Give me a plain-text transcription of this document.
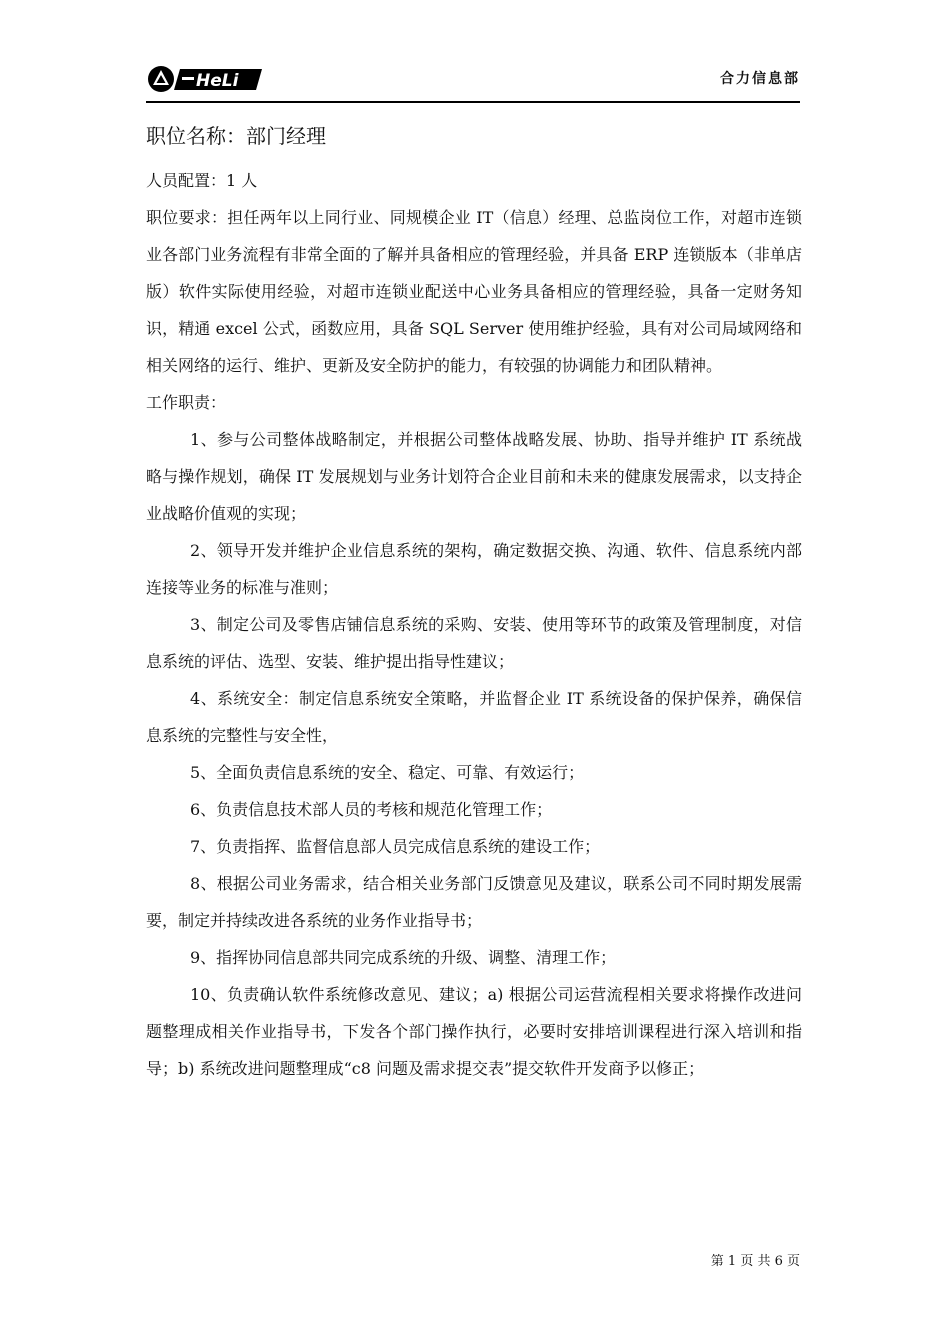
HeLi	合力信息部
职位名称：部门经理

人员配置：1 人

职位要求：担任两年以上同行业、同规模企业 IT（信息）经理、总监岗位工作，对超市连锁业各部门业务流程有非常全面的了解并具备相应的管理经验，并具备 ERP 连锁版本（非单店版）软件实际使用经验，对超市连锁业配送中心业务具备相应的管理经验，具备一定财务知识，精通 excel 公式，函数应用，具备 SQL Server 使用维护经验，具有对公司局域网络和相关网络的运行、维护、更新及安全防护的能力，有较强的协调能力和团队精神。

工作职责：

1、参与公司整体战略制定，并根据公司整体战略发展、协助、指导并维护 IT 系统战略与操作规划，确保 IT 发展规划与业务计划符合企业目前和未来的健康发展需求，以支持企业战略价值观的实现；

2、领导开发并维护企业信息系统的架构，确定数据交换、沟通、软件、信息系统内部连接等业务的标准与准则；

3、制定公司及零售店铺信息系统的采购、安装、使用等环节的政策及管理制度，对信息系统的评估、选型、安装、维护提出指导性建议；

4、系统安全：制定信息系统安全策略，并监督企业 IT 系统设备的保护保养，确保信息系统的完整性与安全性，

5、全面负责信息系统的安全、稳定、可靠、有效运行；

6、负责信息技术部人员的考核和规范化管理工作；

7、负责指挥、监督信息部人员完成信息系统的建设工作；

8、根据公司业务需求，结合相关业务部门反馈意见及建议，联系公司不同时期发展需要，制定并持续改进各系统的业务作业指导书；

9、指挥协同信息部共同完成系统的升级、调整、清理工作；

10、负责确认软件系统修改意见、建议；a) 根据公司运营流程相关要求将操作改进问题整理成相关作业指导书，下发各个部门操作执行，必要时安排培训课程进行深入培训和指导；b) 系统改进问题整理成“c8 问题及需求提交表”提交软件开发商予以修正；

第 1 页 共 6 页
